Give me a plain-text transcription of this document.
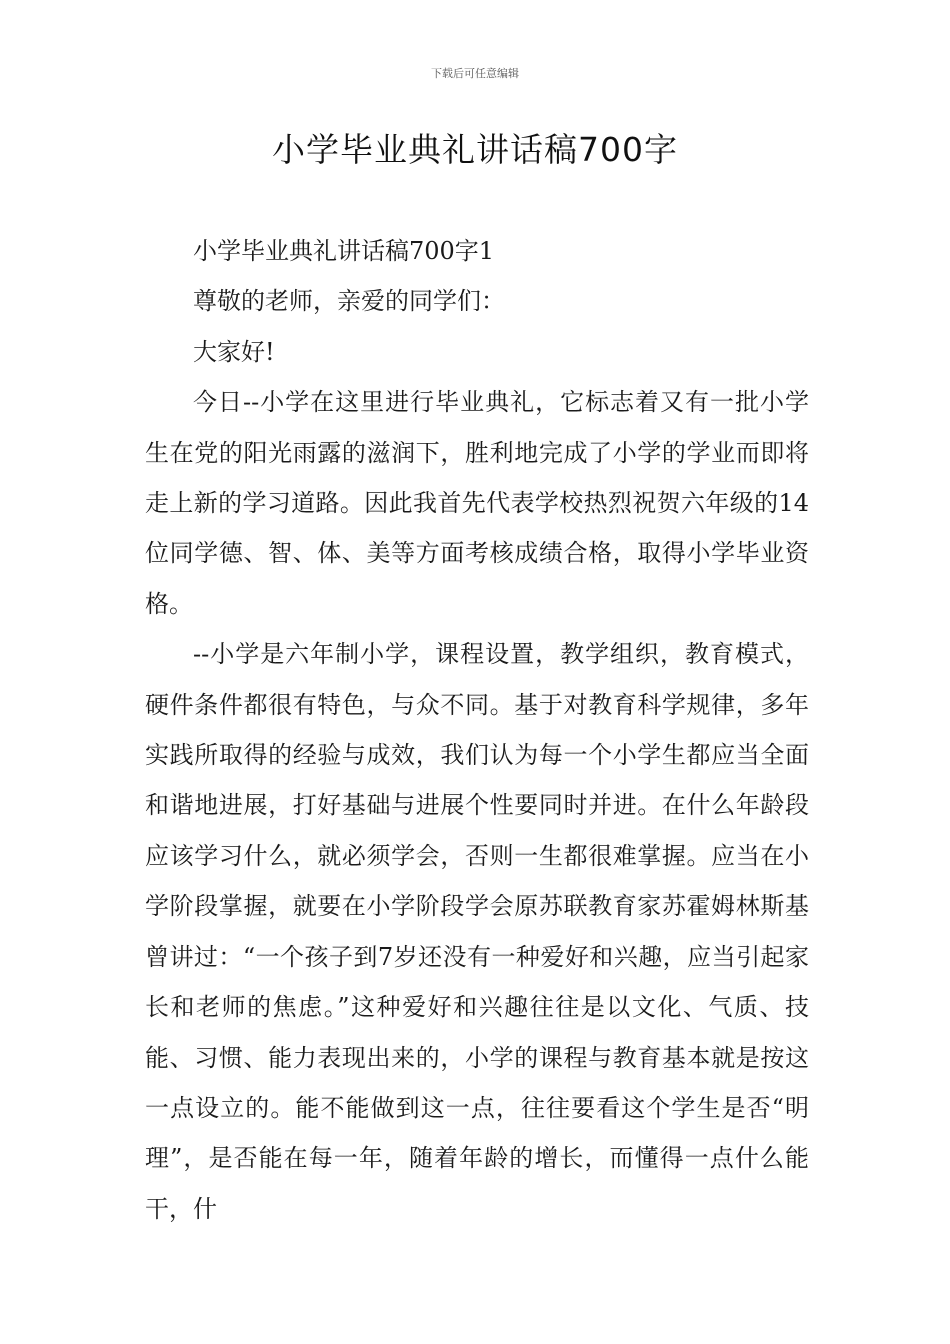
下载后可任意编辑
小学毕业典礼讲话稿700字

小学毕业典礼讲话稿700字1

尊敬的老师，亲爱的同学们：

大家好!

今日--小学在这里进行毕业典礼，它标志着又有一批小学生在党的阳光雨露的滋润下，胜利地完成了小学的学业而即将走上新的学习道路。因此我首先代表学校热烈祝贺六年级的14位同学德、智、体、美等方面考核成绩合格，取得小学毕业资格。

--小学是六年制小学，课程设置，教学组织，教育模式，硬件条件都很有特色，与众不同。基于对教育科学规律，多年实践所取得的经验与成效，我们认为每一个小学生都应当全面和谐地进展，打好基础与进展个性要同时并进。在什么年龄段应该学习什么，就必须学会，否则一生都很难掌握。应当在小学阶段掌握，就要在小学阶段学会原苏联教育家苏霍姆林斯基曾讲过：“一个孩子到7岁还没有一种爱好和兴趣，应当引起家长和老师的焦虑。”这种爱好和兴趣往往是以文化、气质、技能、习惯、能力表现出来的，小学的课程与教育基本就是按这一点设立的。能不能做到这一点，往往要看这个学生是否“明理”，是否能在每一年，随着年龄的增长，而懂得一点什么能干，什
